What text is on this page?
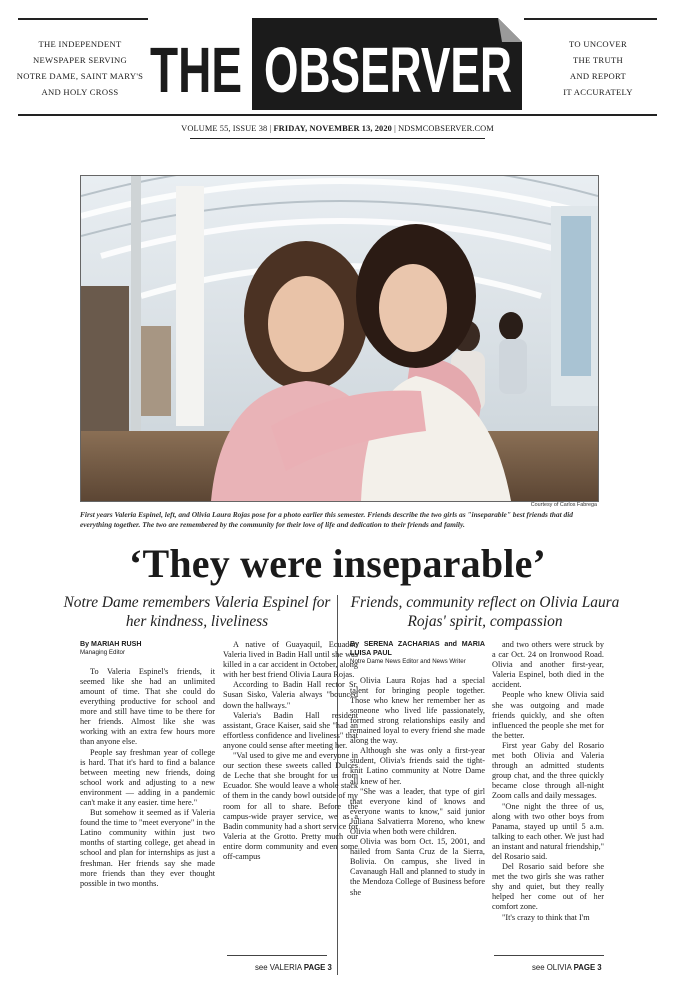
THE INDEPENDENT
NEWSPAPER SERVING
NOTRE DAME, SAINT MARY'S
AND HOLY CROSS THE OBSERVER	TO UNCOVER
THE TRUTH
AND REPORT
IT ACCURATELY
VOLUME 55, ISSUE 38 | FRIDAY, NOVEMBER 13, 2020 | NDSMCOBSERVER.COM
Courtesy of Carlos Fabrega
First years Valeria Espinel, left, and Olivia Laura Rojas pose for a photo earlier this semester. Friends describe the two girls as "inseparable" best friends that did everything together. The two are remembered by the community for their love of life and dedication to their friends and family.
‘They were inseparable’
Notre Dame remembers Valeria Espinel for her kindness, liveliness
Friends, community reflect on Olivia Laura Rojas' spirit, compassion
By MARIAH RUSH
Managing Editor

To Valeria Espinel's friends, it seemed like she had an unlimited amount of time. That she could do everything productive for school and more and still have time to be there for her friends. Almost like she was working with an extra few hours more than anyone else.

People say freshman year of college is hard. That it's hard to find a balance between meeting new friends, doing school work and adjusting to a new environment — adding in a pandemic can't make it any easier. time here."

But somehow it seemed as if Valeria found the time to "meet everyone" in the Latino community within just two months of starting college, get ahead in school and plan for internships as just a freshman. Her friends say she made more friends than they ever thought possible in two months.

A native of Guayaquil, Ecuador, Valeria lived in Badin Hall until she was killed in a car accident in October, along with her best friend Olivia Laura Rojas.

According to Badin Hall rector Sr. Susan Sisko, Valeria always "bounced down the hallways."

Valeria's Badin Hall resident assistant, Grace Kaiser, said she "had an effortless confidence and liveliness" that anyone could sense after meeting her.

"Val used to give me and everyone in our section these sweets called Dulces de Leche that she brought for us from Ecuador. She would leave a whole stack of them in the candy bowl outside of my room for all to share. Before the campus-wide prayer service, we as a Badin community had a short service for Valeria at the Grotto. Pretty much our entire dorm community and even some off-campus

see VALERIA PAGE 3
By SERENA ZACHARIAS and MARIA LUISA PAUL
Notre Dame News Editor and News Writer

Olivia Laura Rojas had a special talent for bringing people together. Those who knew her remember her as someone who lived life passionately, formed strong relationships easily and remained loyal to every friend she made along the way.

Although she was only a first-year student, Olivia's friends said the tight-knit Latino community at Notre Dame all knew of her.

"She was a leader, that type of girl that everyone kind of knows and everyone wants to know," said junior Juliana Salvatierra Moreno, who knew Olivia when both were children.

Olivia was born Oct. 15, 2001, and hailed from Santa Cruz de la Sierra, Bolivia. On campus, she lived in Cavanaugh Hall and planned to study in the Mendoza College of Business before she

and two others were struck by a car Oct. 24 on Ironwood Road. Olivia and another first-year, Valeria Espinel, both died in the accident.

People who knew Olivia said she was outgoing and made friends quickly, and she often influenced the people she met for the better.

First year Gaby del Rosario met both Olivia and Valeria through an admitted students group chat, and the three quickly became close through all-night Zoom calls and daily messages.

"One night the three of us, along with two other boys from Panama, stayed up until 5 a.m. talking to each other. We just had an instant and natural friendship," del Rosario said.

Del Rosario said before she met the two girls she was rather shy and quiet, but they really helped her come out of her comfort zone.

"It's crazy to think that I'm

see OLIVIA PAGE 3
